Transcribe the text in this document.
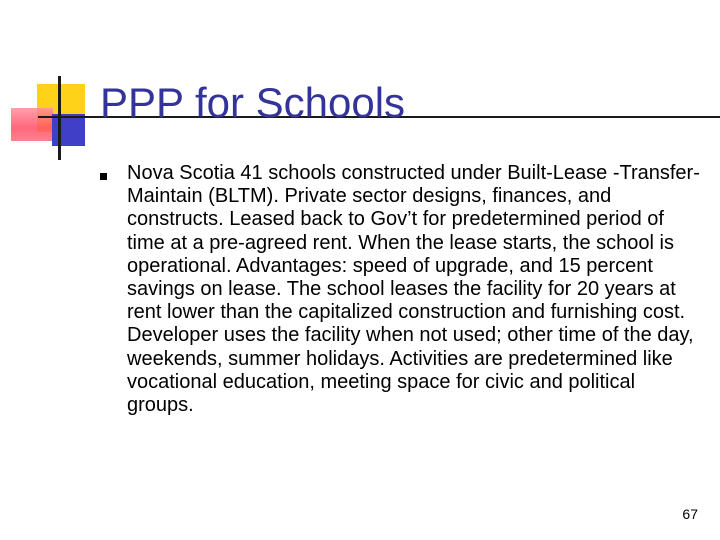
PPP for Schools
Nova Scotia 41 schools constructed under Built-Lease -Transfer-Maintain (BLTM). Private sector designs, finances, and constructs. Leased back to Gov’t for predetermined period of time at a pre-agreed rent. When the lease starts, the school is operational. Advantages: speed of upgrade, and 15 percent savings on lease. The school leases the facility for 20 years at rent lower than the capitalized construction and furnishing cost. Developer uses the facility when not used; other time of the day, weekends, summer holidays. Activities are predetermined like vocational education, meeting space for civic and political groups.
67
